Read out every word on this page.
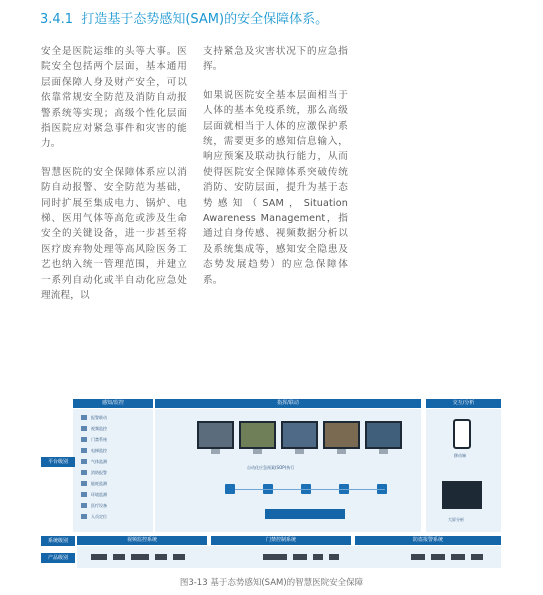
3.4.1 打造基于态势感知(SAM)的安全保障体系。

安全是医院运维的头等大事。医院安全包括两个层面，基本通用层面保障人身及财产安全，可以依靠常规安全防范及消防自动报警系统等实现；高级个性化层面指医院应对紧急事件和灾害的能力。

智慧医院的安全保障体系应以消防自动报警、安全防范为基础，同时扩展至集成电力、锅炉、电梯、医用气体等高危或涉及生命安全的关键设备，进一步甚至将医疗废弃物处理等高风险医务工艺也纳入统一管理范围，并建立一系列自动化或半自动化应急处理流程，以

支持紧急及灾害状况下的应急指挥。

如果说医院安全基本层面相当于人体的基本免疫系统，那么高级层面就相当于人体的应激保护系统，需要更多的感知信息输入，响应预案及联动执行能力，从而使得医院安全保障体系突破传统消防、安防层面，提升为基于态势感知（SAM，Situation Awareness Management，指通过自身传感、视频数据分析以及系统集成等，感知安全隐患及态势发展趋势）的应急保障体系。

感知/监控	指挥/联动	交互/分析
报警联动
视频监控
门禁系统
电梯监控
气体监测
消防报警
能耗监测
环境监测
医疗设备
人员定位
自动化应急预案(SOP)执行
移动端
大屏分析
平台级别
系统级别
产品级别
视频监控系统	门禁控制系统	防盗报警系统
图3-13 基于态势感知(SAM)的智慧医院安全保障
